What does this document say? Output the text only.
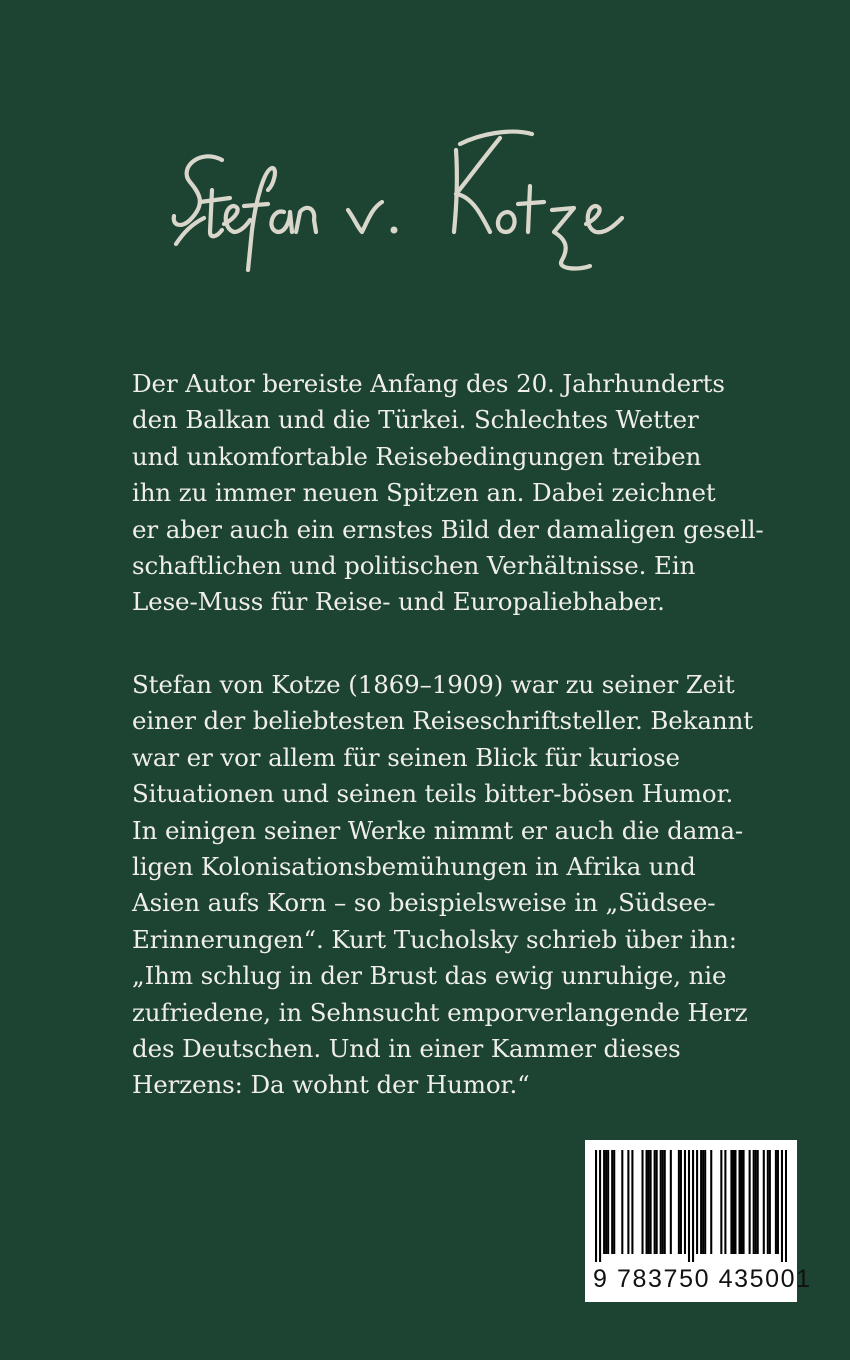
Der Autor bereiste Anfang des 20. Jahrhunderts
den Balkan und die Türkei. Schlechtes Wetter
und unkomfortable Reisebedingungen treiben
ihn zu immer neuen Spitzen an. Dabei zeichnet
er aber auch ein ernstes Bild der damaligen gesell-
schaftlichen und politischen Verhältnisse. Ein
Lese-Muss für Reise- und Europaliebhaber.
Stefan von Kotze (1869–1909) war zu seiner Zeit
einer der beliebtesten Reiseschriftsteller. Bekannt
war er vor allem für seinen Blick für kuriose
Situationen und seinen teils bitter-bösen Humor.
In einigen seiner Werke nimmt er auch die dama-
ligen Kolonisationsbemühungen in Afrika und
Asien aufs Korn – so beispielsweise in „Südsee-
Erinnerungen“. Kurt Tucholsky schrieb über ihn:
„Ihm schlug in der Brust das ewig unruhige, nie
zufriedene, in Sehnsucht emporverlangende Herz
des Deutschen. Und in einer Kammer dieses
Herzens: Da wohnt der Humor.“
9 783750 435001
